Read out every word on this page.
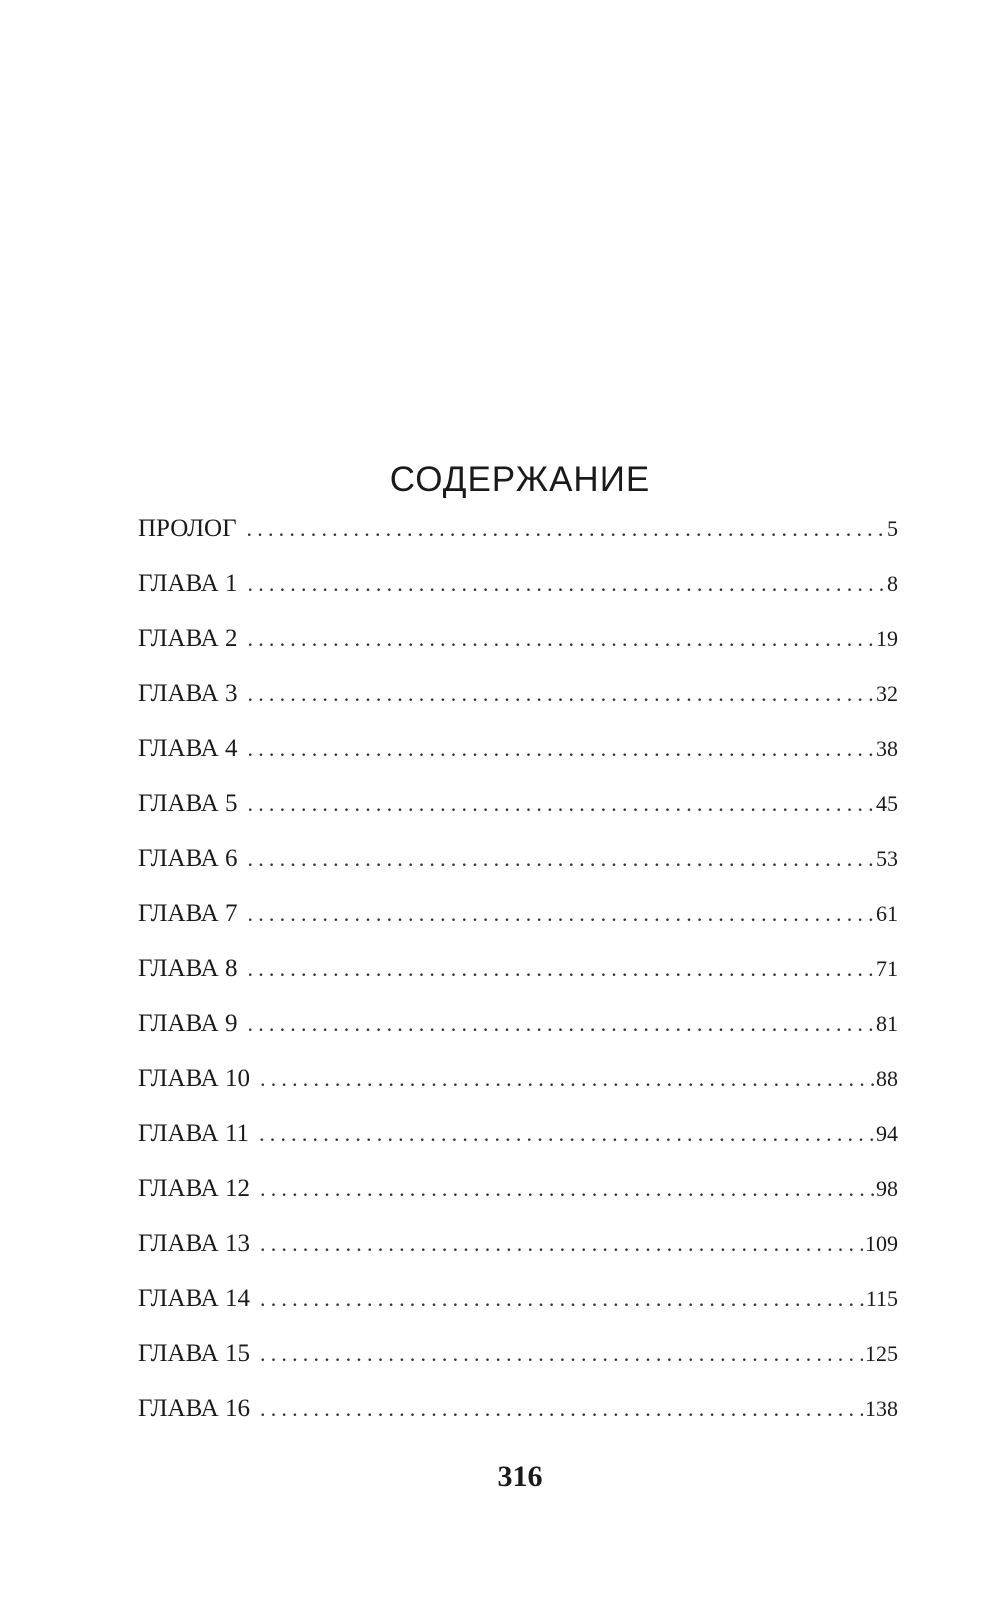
СОДЕРЖАНИЕ
ПРОЛОГ .....	5
ГЛАВА 1 .....	8
ГЛАВА 2 .....	19
ГЛАВА 3 .....	32
ГЛАВА 4 .....	38
ГЛАВА 5 .....	45
ГЛАВА 6 .....	53
ГЛАВА 7 .....	61
ГЛАВА 8 .....	71
ГЛАВА 9 .....	81
ГЛАВА 10 .....	88
ГЛАВА 11 .....	94
ГЛАВА 12 .....	98
ГЛАВА 13 .....	109
ГЛАВА 14 .....	115
ГЛАВА 15 .....	125
ГЛАВА 16 .....	138
316
